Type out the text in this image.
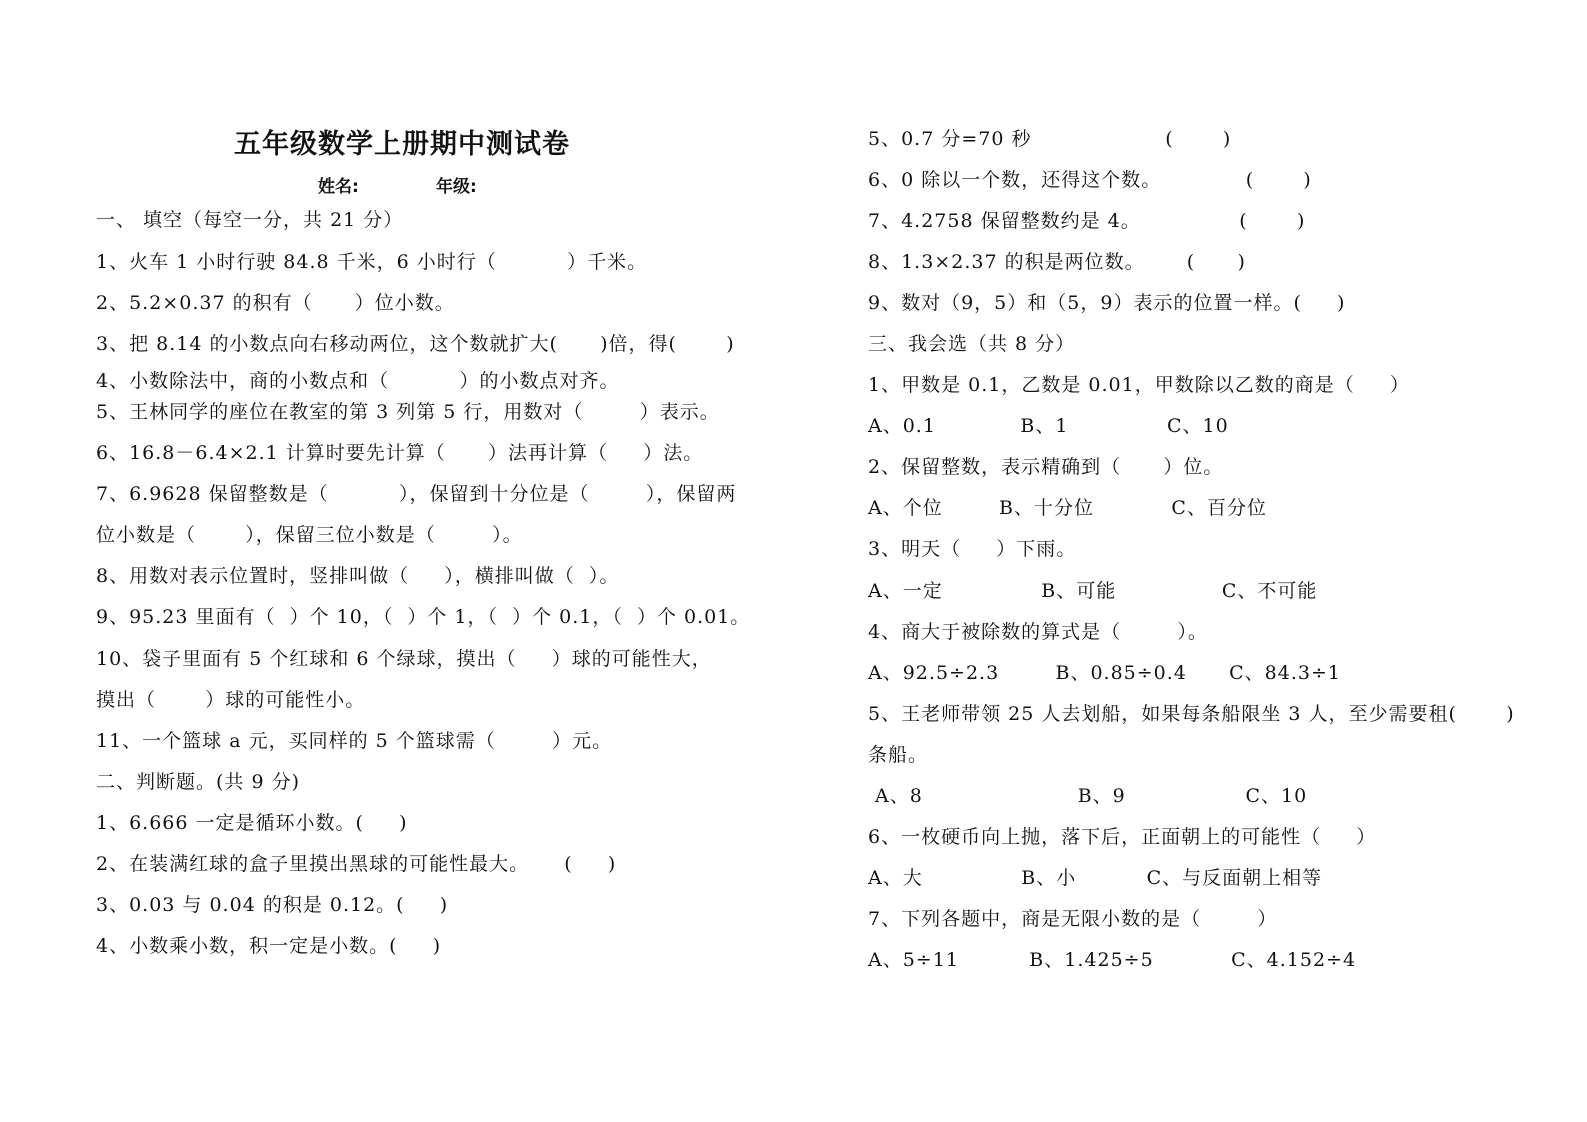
五年级数学上册期中测试卷
姓名:	年级:
一、 填空（每空一分，共 21 分）
1、火车 1 小时行驶 84.8 千米，6 小时行（          ）千米。
2、5.2×0.37 的积有（      ）位小数。
3、把 8.14 的小数点向右移动两位，这个数就扩大(      )倍，得(       )
4、小数除法中，商的小数点和（          ）的小数点对齐。
5、王林同学的座位在教室的第 3 列第 5 行，用数对（        ）表示。
6、16.8－6.4×2.1 计算时要先计算（      ）法再计算（     ）法。
7、6.9628 保留整数是（          ），保留到十分位是（        ），保留两
位小数是（       ），保留三位小数是（        ）。
8、用数对表示位置时，竖排叫做（     ），横排叫做（  ）。
9、95.23 里面有（  ）个 10，（  ）个 1，（  ）个 0.1，（  ）个 0.01。
10、袋子里面有 5 个红球和 6 个绿球，摸出（     ）球的可能性大，
摸出（       ）球的可能性小。
11、一个篮球 a 元，买同样的 5 个篮球需（        ）元。
二、判断题。(共 9 分)
1、6.666 一定是循环小数。(     )
2、在装满红球的盒子里摸出黑球的可能性最大。     (     )
3、0.03 与 0.04 的积是 0.12。(     )
4、小数乘小数，积一定是小数。(     )
5、0.7 分=70 秒                   (       )
6、0 除以一个数，还得这个数。            (       )
7、4.2758 保留整数约是 4。              (       )
8、1.3×2.37 的积是两位数。      (      )
9、数对（9，5）和（5，9）表示的位置一样。(     )
三、我会选（共 8 分）
1、甲数是 0.1，乙数是 0.01，甲数除以乙数的商是（     ）
A、0.1            B、1              C、10
2、保留整数，表示精确到（      ）位。
A、个位        B、十分位           C、百分位
3、明天（     ）下雨。
A、一定              B、可能               C、不可能
4、商大于被除数的算式是（        ）。
A、92.5÷2.3        B、0.85÷0.4      C、84.3÷1
5、王老师带领 25 人去划船，如果每条船限坐 3 人，至少需要租(       )
条船。
A、8                      B、9                 C、10
6、一枚硬币向上抛，落下后，正面朝上的可能性（     ）
A、大              B、小          C、与反面朝上相等
7、下列各题中，商是无限小数的是（        ）
A、5÷11          B、1.425÷5           C、4.152÷4
